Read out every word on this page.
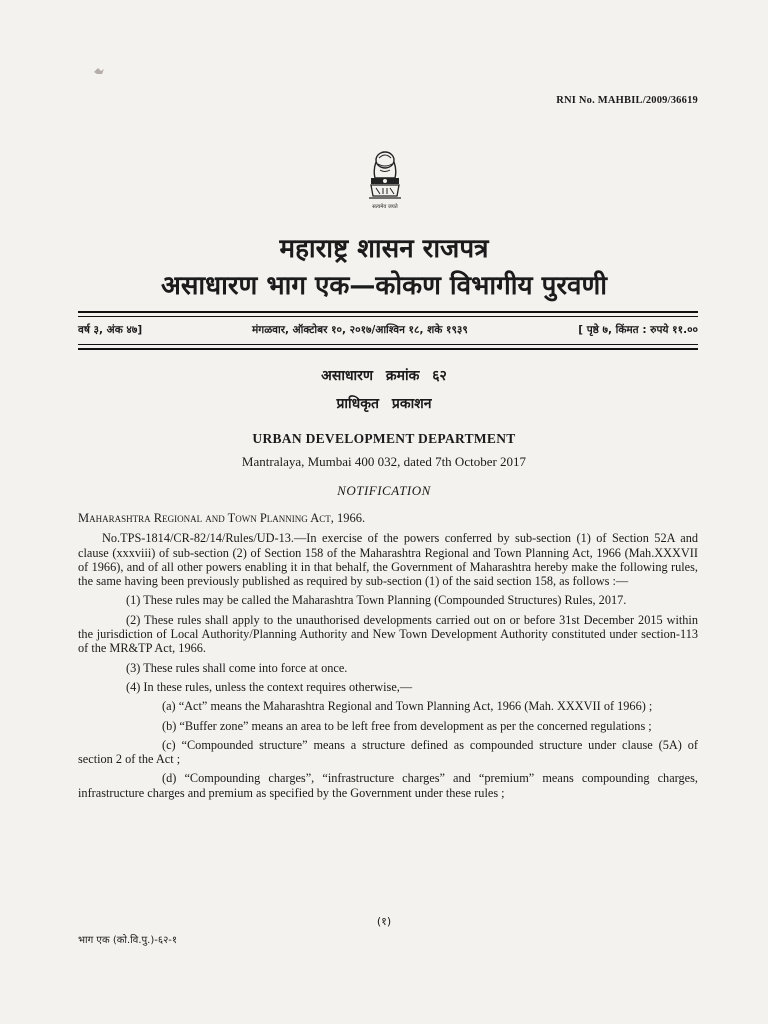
RNI No. MAHBIL/2009/36619
सत्यमेव जयते
महाराष्ट्र शासन राजपत्र
असाधारण भाग एक—कोकण विभागीय पुरवणी
वर्ष ३, अंक ४७]	मंगळवार, ऑक्टोबर १०, २०१७/आश्विन १८, शके १९३९	[ पृष्ठे ७, किंमत : रुपये ११.००
असाधारण क्रमांक ६२
प्राधिकृत प्रकाशन
URBAN DEVELOPMENT DEPARTMENT
Mantralaya, Mumbai 400 032, dated 7th October 2017
NOTIFICATION

Maharashtra Regional and Town Planning Act, 1966.

No.TPS-1814/CR-82/14/Rules/UD-13.—In exercise of the powers conferred by sub-section (1) of Section 52A and clause (xxxviii) of sub-section (2) of Section 158 of the Maharashtra Regional and Town Planning Act, 1966 (Mah.XXXVII of 1966), and of all other powers enabling it in that behalf, the Government of Maharashtra hereby make the following rules, the same having been previously published as required by sub-section (1) of the said section 158, as follows :—

(1) These rules may be called the Maharashtra Town Planning (Compounded Structures) Rules, 2017.

(2) These rules shall apply to the unauthorised developments carried out on or before 31st December 2015 within the jurisdiction of Local Authority/Planning Authority and New Town Development Authority constituted under section-113 of the MR&TP Act, 1966.

(3) These rules shall come into force at once.

(4) In these rules, unless the context requires otherwise,—

(a) “Act” means the Maharashtra Regional and Town Planning Act, 1966 (Mah. XXXVII of 1966) ;

(b) “Buffer zone” means an area to be left free from development as per the concerned regulations ;

(c) “Compounded structure” means a structure defined as compounded structure under clause (5A) of section 2 of the Act ;

(d) “Compounding charges”, “infrastructure charges” and “premium” means compounding charges, infrastructure charges and premium as specified by the Government under these rules ;

(१)
भाग एक (को.वि.पु.)-६२-१
